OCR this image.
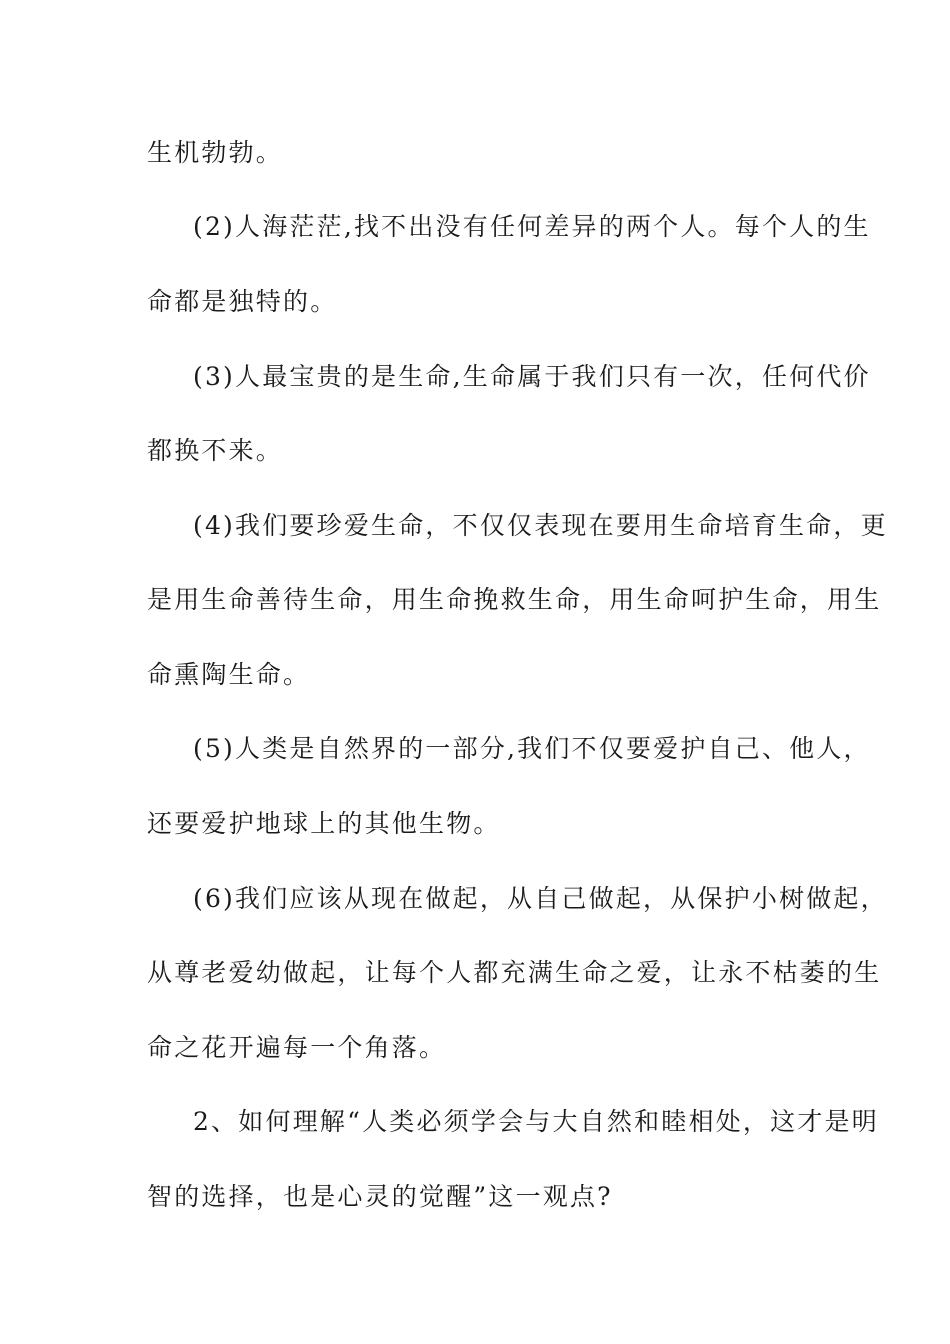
生机勃勃。
(2)人海茫茫,找不出没有任何差异的两个人。每个人的生
命都是独特的。
(3)人最宝贵的是生命,生命属于我们只有一次，任何代价
都换不来。
(4)我们要珍爱生命，不仅仅表现在要用生命培育生命，更
是用生命善待生命，用生命挽救生命，用生命呵护生命，用生
命熏陶生命。
(5)人类是自然界的一部分,我们不仅要爱护自己、他人，
还要爱护地球上的其他生物。
(6)我们应该从现在做起，从自己做起，从保护小树做起，
从尊老爱幼做起，让每个人都充满生命之爱，让永不枯萎的生
命之花开遍每一个角落。
2、如何理解“人类必须学会与大自然和睦相处，这才是明
智的选择，也是心灵的觉醒”这一观点?
